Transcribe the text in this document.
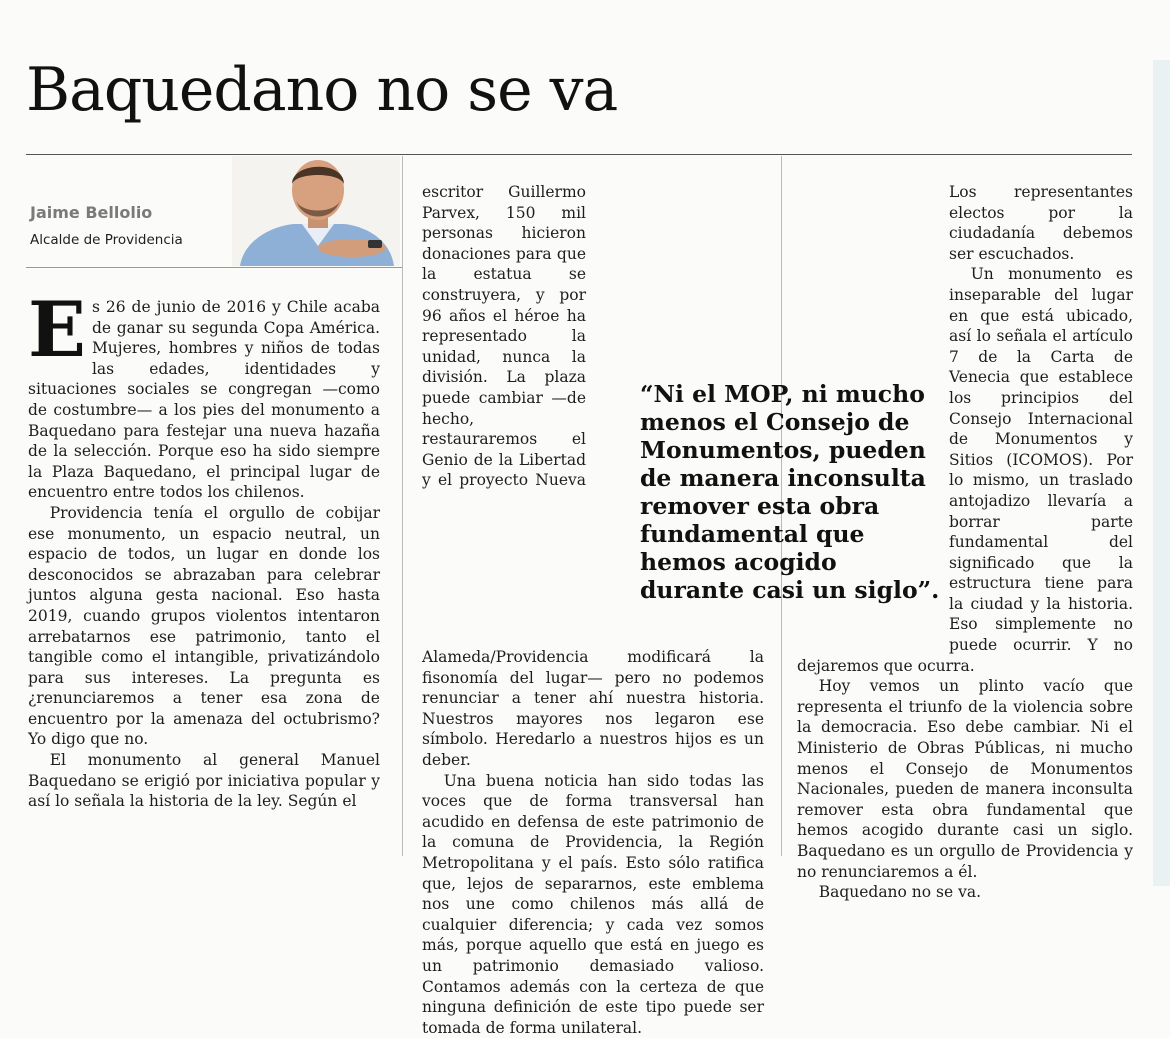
Baquedano no se va
Jaime Bellolio
Alcalde de Providencia

Es 26 de junio de 2016 y Chile acaba de ganar su segunda Copa América. Mujeres, hombres y niños de todas las edades, identidades y situaciones sociales se congregan —como de costumbre— a los pies del monumento a Baquedano para festejar una nueva hazaña de la selección. Porque eso ha sido siempre la Plaza Baquedano, el principal lugar de encuentro entre todos los chilenos.

Providencia tenía el orgullo de cobijar ese monumento, un espacio neutral, un espacio de todos, un lugar en donde los desconocidos se abrazaban para celebrar juntos alguna gesta nacional. Eso hasta 2019, cuando grupos violentos intentaron arrebatarnos ese patrimonio, tanto el tangible como el intangible, privatizándolo para sus intereses. La pregunta es ¿renunciaremos a tener esa zona de encuentro por la amenaza del octubrismo? Yo digo que no.

El monumento al general Manuel Baquedano se erigió por iniciativa popular y así lo señala la historia de la ley. Según el

escritor Guillermo Parvex, 150 mil personas hicieron donaciones para que la estatua se construyera, y por 96 años el héroe ha representado la unidad, nunca la división. La plaza puede cambiar —de hecho, restauraremos el Genio de la Libertad y el proyecto Nueva Alameda/Providencia modificará la fisonomía del lugar— pero no podemos renunciar a tener ahí nuestra historia. Nuestros mayores nos legaron ese símbolo. Heredarlo a nuestros hijos es un deber.

Una buena noticia han sido todas las voces que de forma transversal han acudido en defensa de este patrimonio de la comuna de Providencia, la Región Metropolitana y el país. Esto sólo ratifica que, lejos de separarnos, este emblema nos une como chilenos más allá de cualquier diferencia; y cada vez somos más, porque aquello que está en juego es un patrimonio demasiado valioso. Contamos además con la certeza de que ninguna definición de este tipo puede ser tomada de forma unilateral.

Los representantes electos por la ciudadanía debemos ser escuchados.

Un monumento es inseparable del lugar en que está ubicado, así lo señala el artículo 7 de la Carta de Venecia que establece los principios del Consejo Internacional de Monumentos y Sitios (ICOMOS). Por lo mismo, un traslado antojadizo llevaría a borrar parte fundamental del significado que la estructura tiene para la ciudad y la historia. Eso simplemente no puede ocurrir. Y no dejaremos que ocurra.

Hoy vemos un plinto vacío que representa el triunfo de la violencia sobre la democracia. Eso debe cambiar. Ni el Ministerio de Obras Públicas, ni mucho menos el Consejo de Monumentos Nacionales, pueden de manera inconsulta remover esta obra fundamental que hemos acogido durante casi un siglo. Baquedano es un orgullo de Providencia y no renunciaremos a él.

Baquedano no se va.

“Ni el MOP, ni mucho menos el Consejo de Monumentos, pueden de manera inconsulta remover esta obra fundamental que hemos acogido durante casi un siglo”.
